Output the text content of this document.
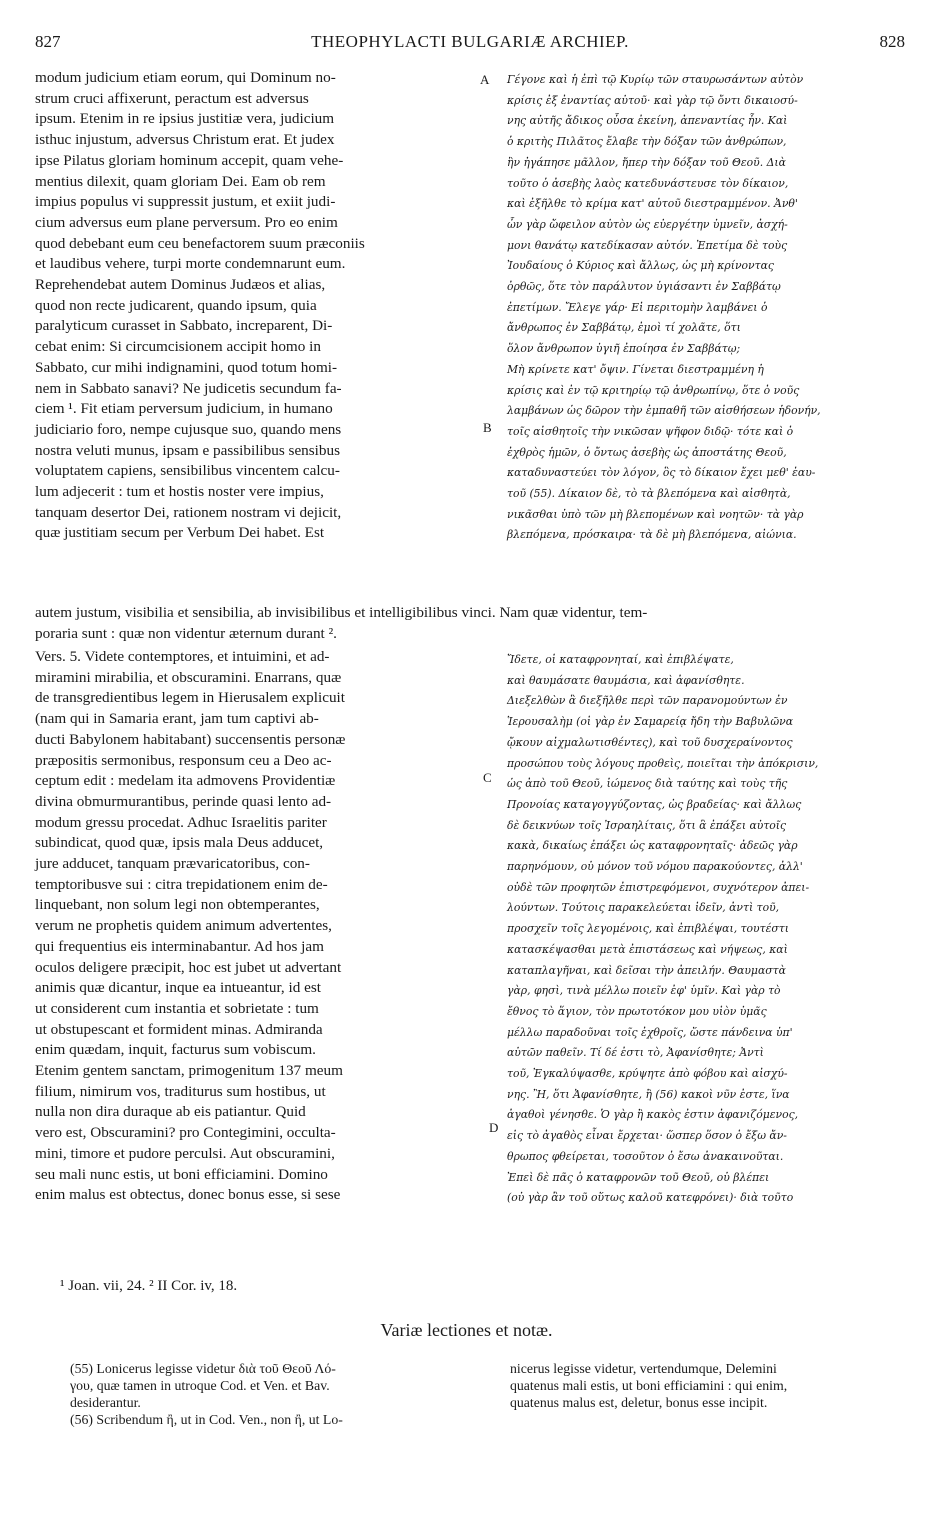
827	THEOPHYLACTI BULGARIÆ ARCHIEP.	828
modum judicium etiam eorum, qui Dominum no-
strum cruci affixerunt, peractum est adversus
ipsum. Etenim in re ipsius justitiæ vera, judicium
isthuc injustum, adversus Christum erat. Et judex
ipse Pilatus gloriam hominum accepit, quam vehe-
mentius dilexit, quam gloriam Dei. Eam ob rem
impius populus vi suppressit justum, et exiit judi-
cium adversus eum plane perversum. Pro eo enim
quod debebant eum ceu benefactorem suum præconiis
et laudibus vehere, turpi morte condemnarunt eum.
Reprehendebat autem Dominus Judæos et alias,
quod non recte judicarent, quando ipsum, quia
paralyticum curasset in Sabbato, increparent, Di-
cebat enim: Si circumcisionem accipit homo in
Sabbato, cur mihi indignamini, quod totum homi-
nem in Sabbato sanavi? Ne judicetis secundum fa-
ciem ¹. Fit etiam perversum judicium, in humano
judiciario foro, nempe cujusque suo, quando mens
nostra veluti munus, ipsam e passibilibus sensibus
voluptatem capiens, sensibilibus vincentem calcu-
lum adjecerit : tum et hostis noster vere impius,
tanquam desertor Dei, rationem nostram vi dejicit,
quæ justitiam secum per Verbum Dei habet. Est
Γέγονε καὶ ἡ ἐπὶ τῷ Κυρίῳ τῶν σταυρωσάντων αὐτὸν
κρίσις ἐξ ἐναντίας αὐτοῦ· καὶ γὰρ τῷ ὄντι δικαιοσύ-
νης αὐτῆς ἄδικος οὖσα ἐκείνη, ἀπεναντίας ἦν. Καὶ
ὁ κριτὴς Πιλᾶτος ἔλαβε τὴν δόξαν τῶν ἀνθρώπων,
ἣν ἠγάπησε μᾶλλον, ἤπερ τὴν δόξαν τοῦ Θεοῦ. Διὰ
τοῦτο ὁ ἀσεβὴς λαὸς κατεδυνάστευσε τὸν δίκαιον,
καὶ ἐξῆλθε τὸ κρίμα κατ' αὐτοῦ διεστραμμένον. Ἀνθ'
ὧν γὰρ ὤφειλον αὐτὸν ὡς εὐεργέτην ὑμνεῖν, ἀσχή-
μονι θανάτῳ κατεδίκασαν αὐτόν. Ἐπετίμα δὲ τοὺς
Ἰουδαίους ὁ Κύριος καὶ ἄλλως, ὡς μὴ κρίνοντας
ὀρθῶς, ὅτε τὸν παράλυτον ὑγιάσαντι ἐν Σαββάτῳ
ἐπετίμων. Ἔλεγε γάρ· Εἰ περιτομὴν λαμβάνει ὁ
ἄνθρωπος ἐν Σαββάτῳ, ἐμοὶ τί χολᾶτε, ὅτι
ὅλον ἄνθρωπον ὑγιῆ ἐποίησα ἐν Σαββάτῳ;
Μὴ κρίνετε κατ' ὄψιν. Γίνεται διεστραμμένη ἡ
κρίσις καὶ ἐν τῷ κριτηρίῳ τῷ ἀνθρωπίνῳ, ὅτε ὁ νοῦς
λαμβάνων ὡς δῶρον τὴν ἐμπαθῆ τῶν αἰσθήσεων ἡδονήν,
τοῖς αἰσθητοῖς τὴν νικῶσαν ψῆφον διδῷ· τότε καὶ ὁ
ἐχθρὸς ἡμῶν, ὁ ὄντως ἀσεβὴς ὡς ἀποστάτης Θεοῦ,
καταδυναστεύει τὸν λόγον, ὃς τὸ δίκαιον ἔχει μεθ' ἑαυ-
τοῦ (55). Δίκαιον δὲ, τὸ τὰ βλεπόμενα καὶ αἰσθητὰ,
νικᾶσθαι ὑπὸ τῶν μὴ βλεπομένων καὶ νοητῶν· τὰ γὰρ
βλεπόμενα, πρόσκαιρα· τὰ δὲ μὴ βλεπόμενα, αἰώνια.
A
B
autem justum, visibilia et sensibilia, ab invisibilibus et intelligibilibus vinci. Nam quæ videntur, tem-
poraria sunt : quæ non videntur æternum durant ².
Vers. 5. Videte contemptores, et intuimini, et ad-
miramini mirabilia, et obscuramini. Enarrans, quæ
de transgredientibus legem in Hierusalem explicuit
(nam qui in Samaria erant, jam tum captivi ab-
ducti Babylonem habitabant) succensentis personæ
præpositis sermonibus, responsum ceu a Deo ac-
ceptum edit : medelam ita admovens Providentiæ
divina obmurmurantibus, perinde quasi lento ad-
modum gressu procedat. Adhuc Israelitis pariter
subindicat, quod quæ, ipsis mala Deus adducet,
jure adducet, tanquam prævaricatoribus, con-
temptoribusve sui : citra trepidationem enim de-
linquebant, non solum legi non obtemperantes,
verum ne prophetis quidem animum advertentes,
qui frequentius eis interminabantur. Ad hos jam
oculos deligere præcipit, hoc est jubet ut advertant
animis quæ dicantur, inque ea intueantur, id est
ut considerent cum instantia et sobrietate : tum
ut obstupescant et formident minas. Admiranda
enim quædam, inquit, facturus sum vobiscum.
Etenim gentem sanctam, primogenitum 137 meum
filium, nimirum vos, traditurus sum hostibus, ut
nulla non dira duraque ab eis patiantur. Quid
vero est, Obscuramini? pro Contegimini, occulta-
mini, timore et pudore perculsi. Aut obscuramini,
seu mali nunc estis, ut boni efficiamini. Domino
enim malus est obtectus, donec bonus esse, si sese
Ἴδετε, οἱ καταφρονηταί, καὶ ἐπιβλέψατε,
καὶ θαυμάσατε θαυμάσια, καὶ ἀφανίσθητε.
Διεξελθὼν ἃ διεξῆλθε περὶ τῶν παρανομούντων ἐν
Ἱερουσαλὴμ (οἱ γὰρ ἐν Σαμαρείᾳ ἤδη τὴν Βαβυλῶνα
ᾤκουν αἰχμαλωτισθέντες), καὶ τοῦ δυσχεραίνοντος
προσώπου τοὺς λόγους προθεὶς, ποιεῖται τὴν ἀπόκρισιν,
ὡς ἀπὸ τοῦ Θεοῦ, ἰώμενος διὰ ταύτης καὶ τοὺς τῆς
Προνοίας καταγογγύζοντας, ὡς βραδείας· καὶ ἄλλως
δὲ δεικνύων τοῖς Ἰσραηλίταις, ὅτι ἃ ἐπάξει αὐτοῖς
κακὰ, δικαίως ἐπάξει ὡς καταφρονηταῖς· ἀδεῶς γὰρ
παρηνόμουν, οὐ μόνον τοῦ νόμου παρακούοντες, ἀλλ'
οὐδὲ τῶν προφητῶν ἐπιστρεφόμενοι, συχνότερον ἀπει-
λούντων. Τούτοις παρακελεύεται ἰδεῖν, ἀντὶ τοῦ,
προσχεῖν τοῖς λεγομένοις, καὶ ἐπιβλέψαι, τουτέστι
κατασκέψασθαι μετὰ ἐπιστάσεως καὶ νήψεως, καὶ
καταπλαγῆναι, καὶ δεῖσαι τὴν ἀπειλήν. Θαυμαστὰ
γὰρ, φησὶ, τινὰ μέλλω ποιεῖν ἐφ' ὑμῖν. Καὶ γὰρ τὸ
ἔθνος τὸ ἅγιον, τὸν πρωτοτόκον μου υἱὸν ὑμᾶς
μέλλω παραδοῦναι τοῖς ἐχθροῖς, ὥστε πάνδεινα ὑπ'
αὐτῶν παθεῖν. Τί δέ ἐστι τὸ, Ἀφανίσθητε; Ἀντὶ
τοῦ, Ἐγκαλύψασθε, κρύψητε ἀπὸ φόβου καὶ αἰσχύ-
νης. Ἢ, ὅτι Ἀφανίσθητε, ἢ (56) κακοὶ νῦν ἐστε, ἵνα
ἀγαθοὶ γένησθε. Ὁ γὰρ ἢ κακὸς ἐστιν ἀφανιζόμενος,
εἰς τὸ ἀγαθὸς εἶναι ἔρχεται· ὥσπερ ὅσον ὁ ἔξω ἄν-
θρωπος φθείρεται, τοσοῦτον ὁ ἔσω ἀνακαινοῦται.
Ἐπεὶ δὲ πᾶς ὁ καταφρονῶν τοῦ Θεοῦ, οὐ βλέπει
(οὐ γὰρ ἂν τοῦ οὕτως καλοῦ κατεφρόνει)· διὰ τοῦτο
C
D
¹ Joan. vii, 24. ² II Cor. iv, 18.
Variæ lectiones et notæ.
(55) Lonicerus legisse videtur διὰ τοῦ Θεοῦ Λό-
γου, quæ tamen in utroque Cod. et Ven. et Bav.
desiderantur.
(56) Scribendum ἢ, ut in Cod. Ven., non ἢ, ut Lo-
nicerus legisse videtur, vertendumque, Delemini
quatenus mali estis, ut boni efficiamini : qui enim,
quatenus malus est, deletur, bonus esse incipit.
